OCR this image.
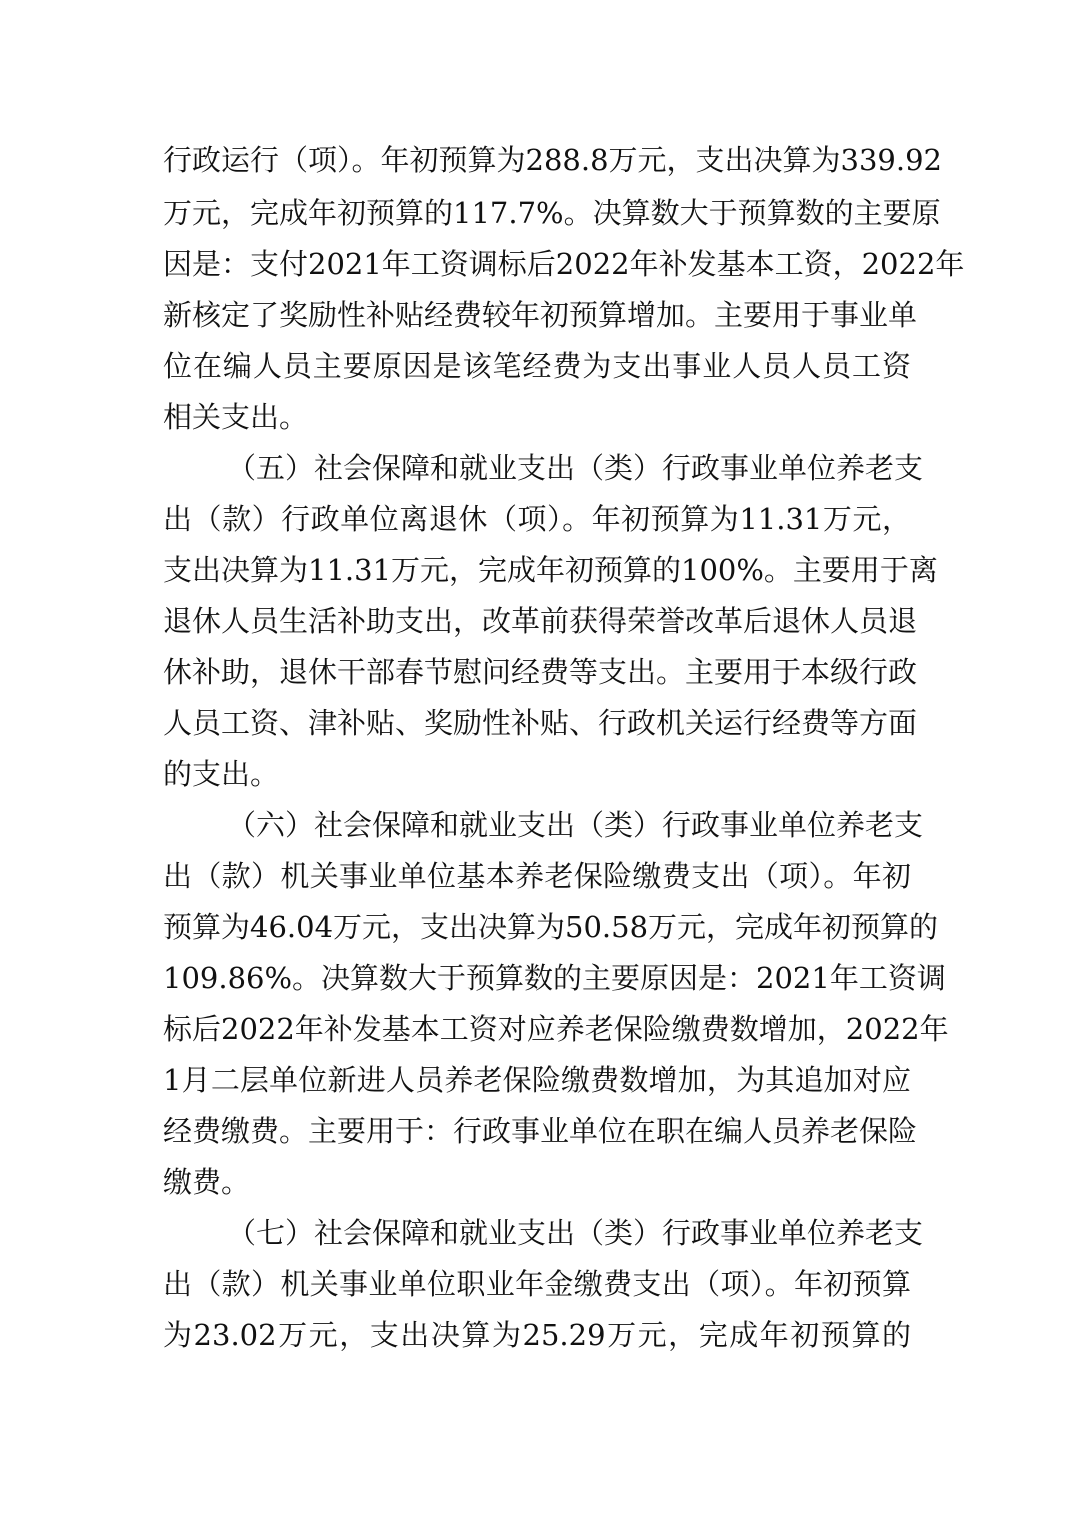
行政运行（项）。年初预算为288.8万元，支出决算为339.92
万元，完成年初预算的117.7%。决算数大于预算数的主要原
因是：支付2021年工资调标后2022年补发基本工资，2022年
新核定了奖励性补贴经费较年初预算增加。主要用于事业单
位在编人员主要原因是该笔经费为支出事业人员人员工资
相关支出。
（五）社会保障和就业支出（类）行政事业单位养老支
出（款）行政单位离退休（项）。年初预算为11.31万元，
支出决算为11.31万元，完成年初预算的100%。主要用于离
退休人员生活补助支出，改革前获得荣誉改革后退休人员退
休补助，退休干部春节慰问经费等支出。主要用于本级行政
人员工资、津补贴、奖励性补贴、行政机关运行经费等方面
的支出。
（六）社会保障和就业支出（类）行政事业单位养老支
出（款）机关事业单位基本养老保险缴费支出（项）。年初
预算为46.04万元，支出决算为50.58万元，完成年初预算的
109.86%。决算数大于预算数的主要原因是：2021年工资调
标后2022年补发基本工资对应养老保险缴费数增加，2022年
1月二层单位新进人员养老保险缴费数增加，为其追加对应
经费缴费。主要用于：行政事业单位在职在编人员养老保险
缴费。
（七）社会保障和就业支出（类）行政事业单位养老支
出（款）机关事业单位职业年金缴费支出（项）。年初预算
为23.02万元，支出决算为25.29万元，完成年初预算的
